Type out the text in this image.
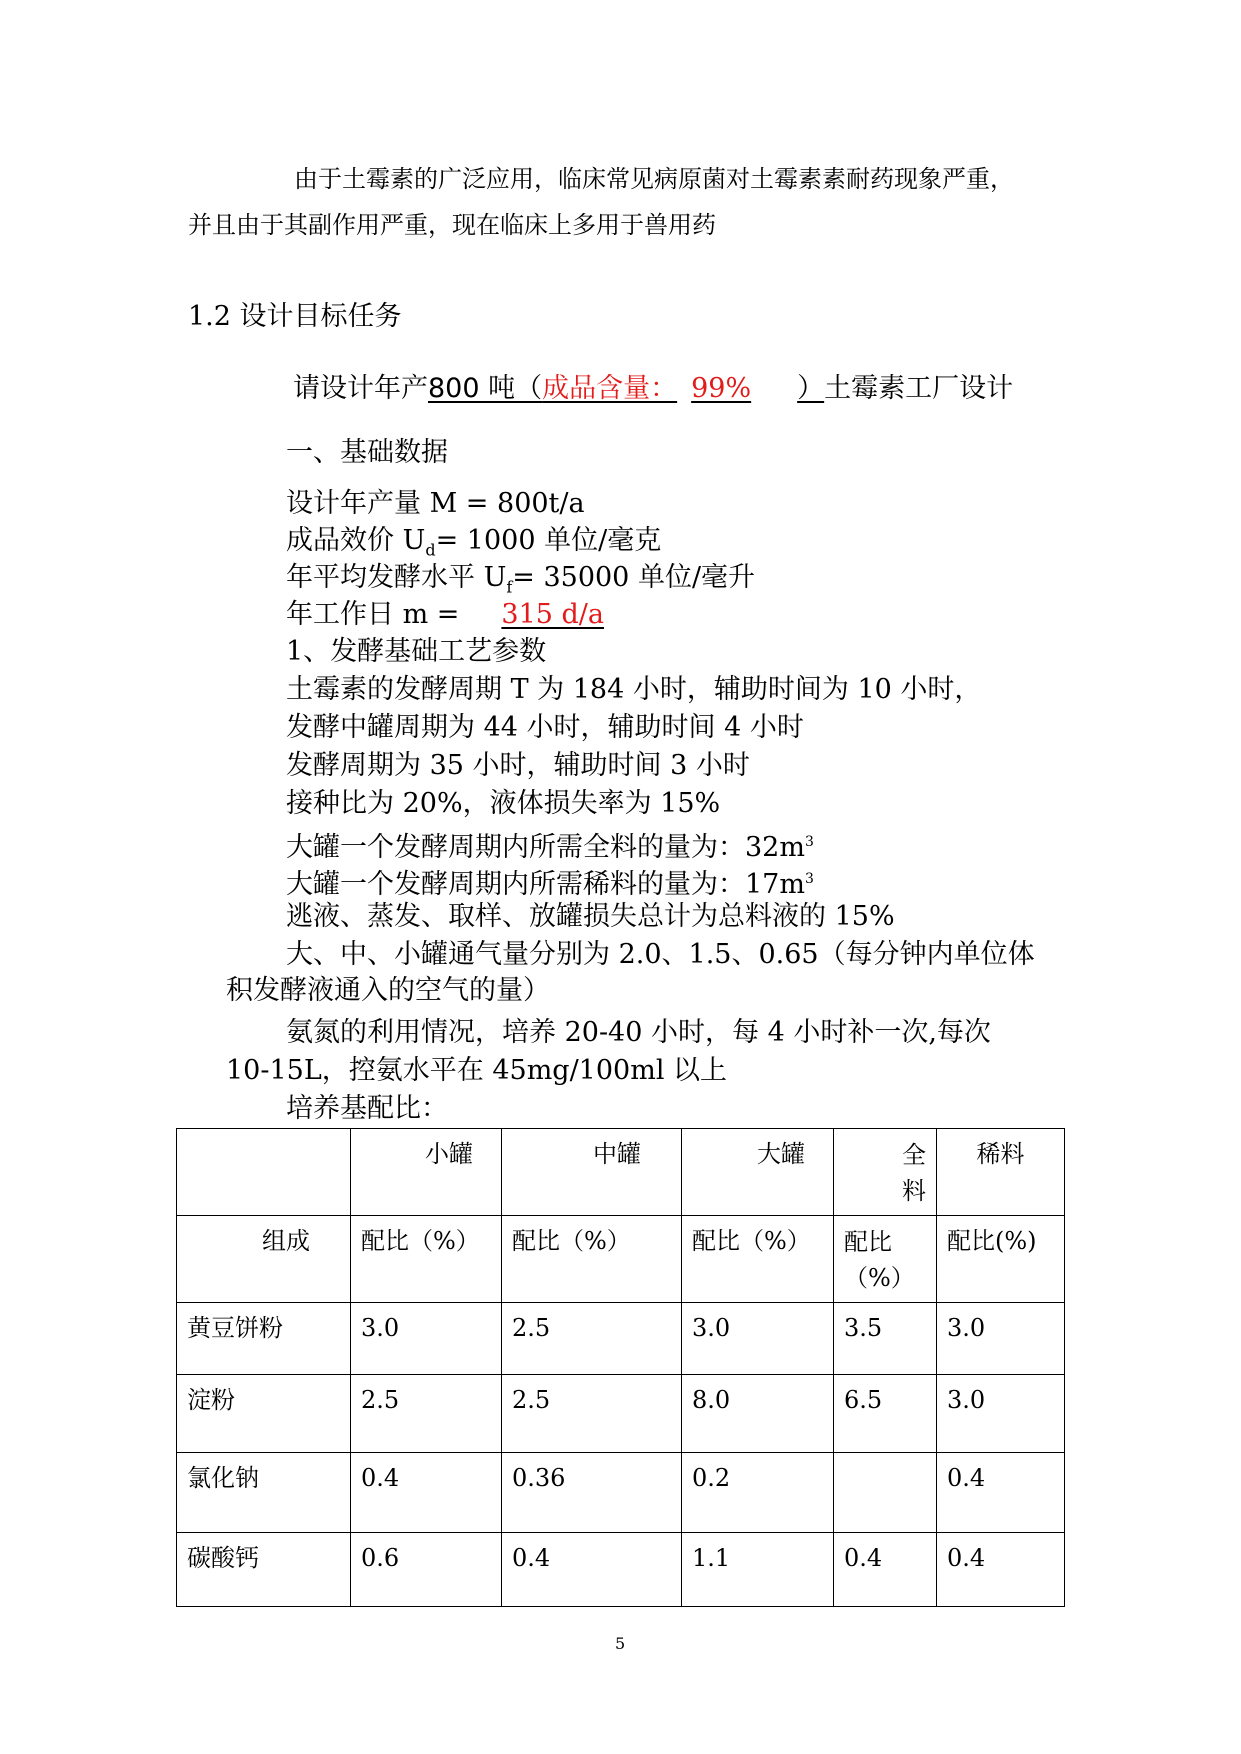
由于土霉素的广泛应用，临床常见病原菌对土霉素素耐药现象严重，
并且由于其副作用严重，现在临床上多用于兽用药
1.2 设计目标任务
请设计年产800 吨（成品含量： 99% ）土霉素工厂设计
一、基础数据
设计年产量 M = 800t/a
成品效价 $U_d= 1000$ 单位/毫克
年平均发酵水平 $U_f= 35000$ 单位/毫升
年工作日 m = 315 d/a
1、发酵基础工艺参数
土霉素的发酵周期 T 为 184 小时，辅助时间为 10 小时，
发酵中罐周期为 44 小时，辅助时间 4 小时
发酵周期为 35 小时，辅助时间 3 小时
接种比为 20%，液体损失率为 15%
大罐一个发酵周期内所需全料的量为：$32m^3$
大罐一个发酵周期内所需稀料的量为：$17m^3$
逃液、蒸发、取样、放罐损失总计为总料液的 15%
大、中、小罐通气量分别为 2.0、1.5、0.65（每分钟内单位体
积发酵液通入的空气的量）
氨氮的利用情况，培养 20-40 小时，每 4 小时补一次,每次
10-15L，控氨水平在 45mg/100ml 以上
培养基配比：
	小罐	中罐	大罐	全
料	稀料
组成	配比（%）	配比（%）	配比（%）	配比
（%）	配比(%)
黄豆饼粉	3.0	2.5	3.0	3.5	3.0
淀粉	2.5	2.5	8.0	6.5	3.0
氯化钠	0.4	0.36	0.2		0.4
碳酸钙	0.6	0.4	1.1	0.4	0.4
5
